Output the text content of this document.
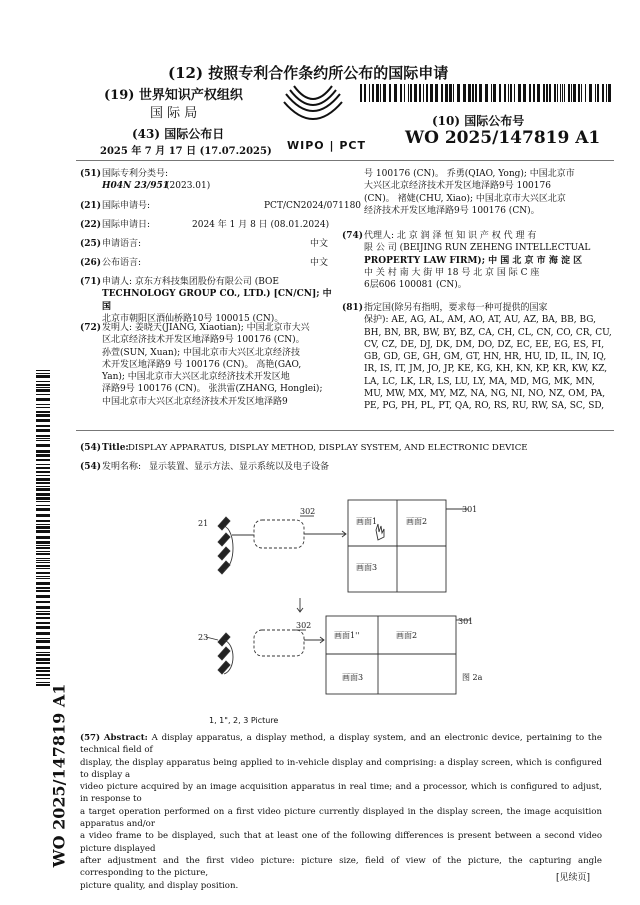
(12) 按照专利合作条约所公布的国际申请
(19) 世界知识产权组织
国 际 局
(43) 国际公布日
2025 年 7 月 17 日 (17.07.2025) WIPO | PCT
(10) 国际公布号
WO 2025/147819 A1
(51) 国际专利分类号:
H04N 23/951
(2023.01)
(21) 国际申请号:	PCT/CN2024/071180
(22) 国际申请日:	2024 年 1 月 8 日 (08.01.2024)
(25) 申请语言:	中文
(26) 公布语言:	中文
(71) 申请人: 京东方科技集团股份有限公司 (BOE
TECHNOLOGY GROUP CO., LTD.) [CN/CN]; 中 国
北京市朝阳区酒仙桥路10号 100015 (CN)。
(72) 发明人: 姜晓天(JIANG, Xiaotian); 中国北京市大兴
区北京经济技术开发区地泽路9号 100176 (CN)。
孙萱(SUN, Xuan); 中国北京市大兴区北京经济技
术开发区地泽路9 号 100176 (CN)。 高艳(GAO,
Yan); 中国北京市大兴区北京经济技术开发区地
泽路9号 100176 (CN)。 张洪雷(ZHANG, Honglei);
中国北京市大兴区北京经济技术开发区地泽路9
号 100176 (CN)。 乔勇(QIAO, Yong); 中国北京市
大兴区北京经济技术开发区地泽路9号 100176
(CN)。 褚婕(CHU, Xiao); 中国北京市大兴区北京
经济技术开发区地泽路9号 100176 (CN)。
(74) 代理人: 北 京 润 泽 恒 知 识 产 权 代 理 有
限 公 司 (BEIJING RUN ZEHENG INTELLECTUAL
PROPERTY LAW FIRM); 中 国 北 京 市 海 淀 区
中 关 村 南 大 街 甲 18 号 北 京 国 际 C 座
6层606 100081 (CN)。
(81) 指定国(除另有指明，要求每一种可提供的国家
保护): AE, AG, AL, AM, AO, AT, AU, AZ, BA, BB, BG,
BH, BN, BR, BW, BY, BZ, CA, CH, CL, CN, CO, CR, CU,
CV, CZ, DE, DJ, DK, DM, DO, DZ, EC, EE, EG, ES, FI,
GB, GD, GE, GH, GM, GT, HN, HR, HU, ID, IL, IN, IQ,
IR, IS, IT, JM, JO, JP, KE, KG, KH, KN, KP, KR, KW, KZ,
LA, LC, LK, LR, LS, LU, LY, MA, MD, MG, MK, MN,
MU, MW, MX, MY, MZ, NA, NG, NI, NO, NZ, OM, PA,
PE, PG, PH, PL, PT, QA, RO, RS, RU, RW, SA, SC, SD,
(54) Title: DISPLAY APPARATUS, DISPLAY METHOD, DISPLAY SYSTEM, AND ELECTRONIC DEVICE
(54) 发明名称: 显示装置、显示方法、显示系统以及电子设备
21
302	301
画面1	画面2
画面3
23
302	301
画面1''	画面2
画面3	图 2a
1, 1", 2, 3 Picture
(57) Abstract: A display apparatus, a display method, a display system, and an electronic device, pertaining to the technical field of
display, the display apparatus being applied to in-vehicle display and comprising: a display screen, which is configured to display a
video picture acquired by an image acquisition apparatus in real time; and a processor, which is configured to adjust, in response to
a target operation performed on a first video picture currently displayed in the display screen, the image acquisition apparatus and/or
a video frame to be displayed, such that at least one of the following differences is present between a second video picture displayed
after adjustment and the first video picture: picture size, field of view of the picture, the capturing angle corresponding to the picture,
picture quality, and display position.
WO 2025/147819 A1
[见续页]
